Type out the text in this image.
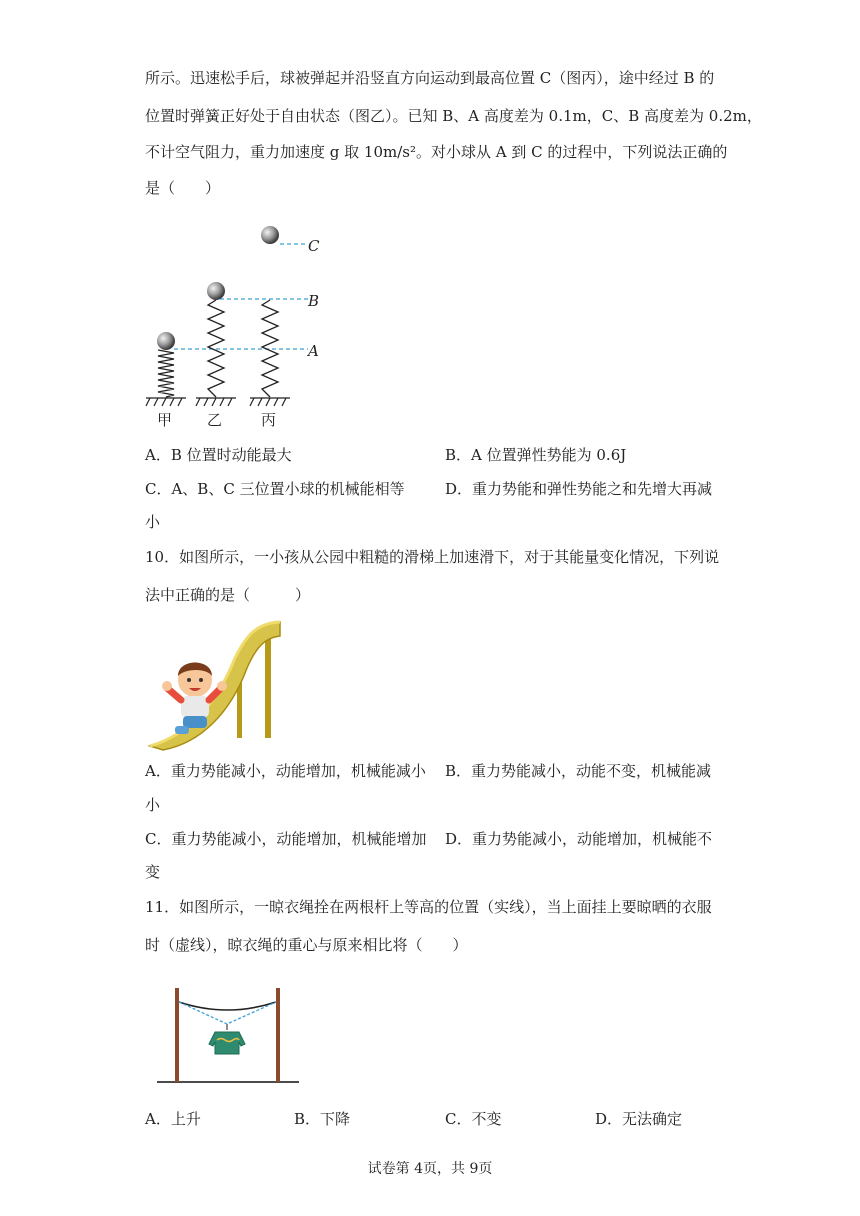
所示。迅速松手后，球被弹起并沿竖直方向运动到最高位置 C（图丙），途中经过 B 的
位置时弹簧正好处于自由状态（图乙）。已知 B、A 高度差为 0.1m，C、B 高度差为 0.2m，
不计空气阻力，重力加速度 g 取 10m/s²。对小球从 A 到 C 的过程中，下列说法正确的
是（　　）
C
B
A
甲 乙	丙
A．B 位置时动能最大	B．A 位置弹性势能为 0.6J
C．A、B、C 三位置小球的机械能相等	D．重力势能和弹性势能之和先增大再减
小
10．如图所示，一小孩从公园中粗糙的滑梯上加速滑下，对于其能量变化情况，下列说
法中正确的是（　　　）
A．重力势能减小，动能增加，机械能减小 B．重力势能减小，动能不变，机械能减
小
C．重力势能减小，动能增加，机械能增加 D．重力势能减小，动能增加，机械能不
变
11．如图所示，一晾衣绳拴在两根杆上等高的位置（实线），当上面挂上要晾晒的衣服
时（虚线），晾衣绳的重心与原来相比将（　　）
A．上升	B．下降	C．不变	D．无法确定
试卷第 4页，共 9页
